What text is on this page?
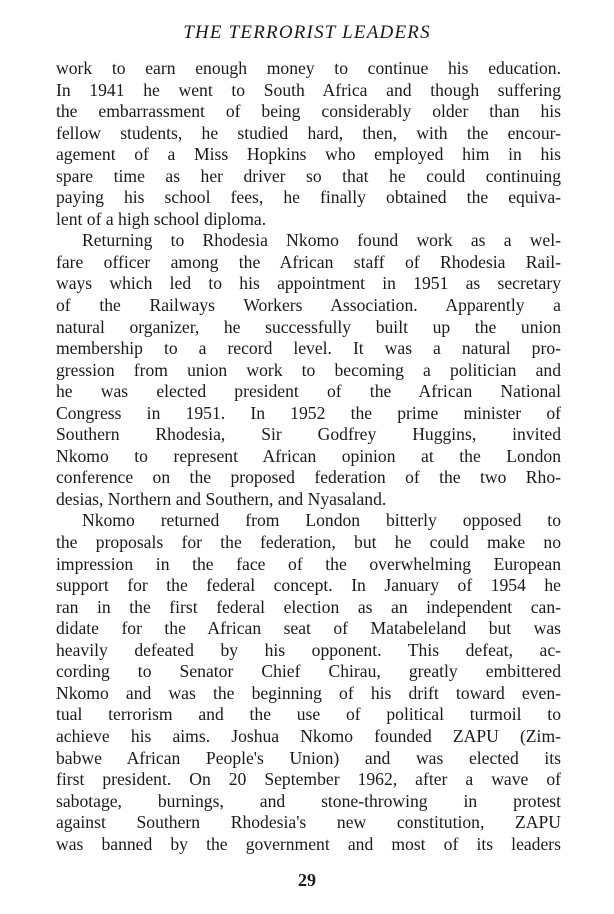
THE TERRORIST LEADERS
work to earn enough money to continue his education.
In 1941 he went to South Africa and though suffering
the embarrassment of being considerably older than his
fellow students, he studied hard, then, with the encour-
agement of a Miss Hopkins who employed him in his
spare time as her driver so that he could continuing
paying his school fees, he finally obtained the equiva-
lent of a high school diploma.
Returning to Rhodesia Nkomo found work as a wel-
fare officer among the African staff of Rhodesia Rail-
ways which led to his appointment in 1951 as secretary
of the Railways Workers Association. Apparently a
natural organizer, he successfully built up the union
membership to a record level. It was a natural pro-
gression from union work to becoming a politician and
he was elected president of the African National
Congress in 1951. In 1952 the prime minister of
Southern Rhodesia, Sir Godfrey Huggins, invited
Nkomo to represent African opinion at the London
conference on the proposed federation of the two Rho-
desias, Northern and Southern, and Nyasaland.
Nkomo returned from London bitterly opposed to
the proposals for the federation, but he could make no
impression in the face of the overwhelming European
support for the federal concept. In January of 1954 he
ran in the first federal election as an independent can-
didate for the African seat of Matabeleland but was
heavily defeated by his opponent. This defeat, ac-
cording to Senator Chief Chirau, greatly embittered
Nkomo and was the beginning of his drift toward even-
tual terrorism and the use of political turmoil to
achieve his aims. Joshua Nkomo founded ZAPU (Zim-
babwe African People's Union) and was elected its
first president. On 20 September 1962, after a wave of
sabotage, burnings, and stone-throwing in protest
against Southern Rhodesia's new constitution, ZAPU
was banned by the government and most of its leaders
29
